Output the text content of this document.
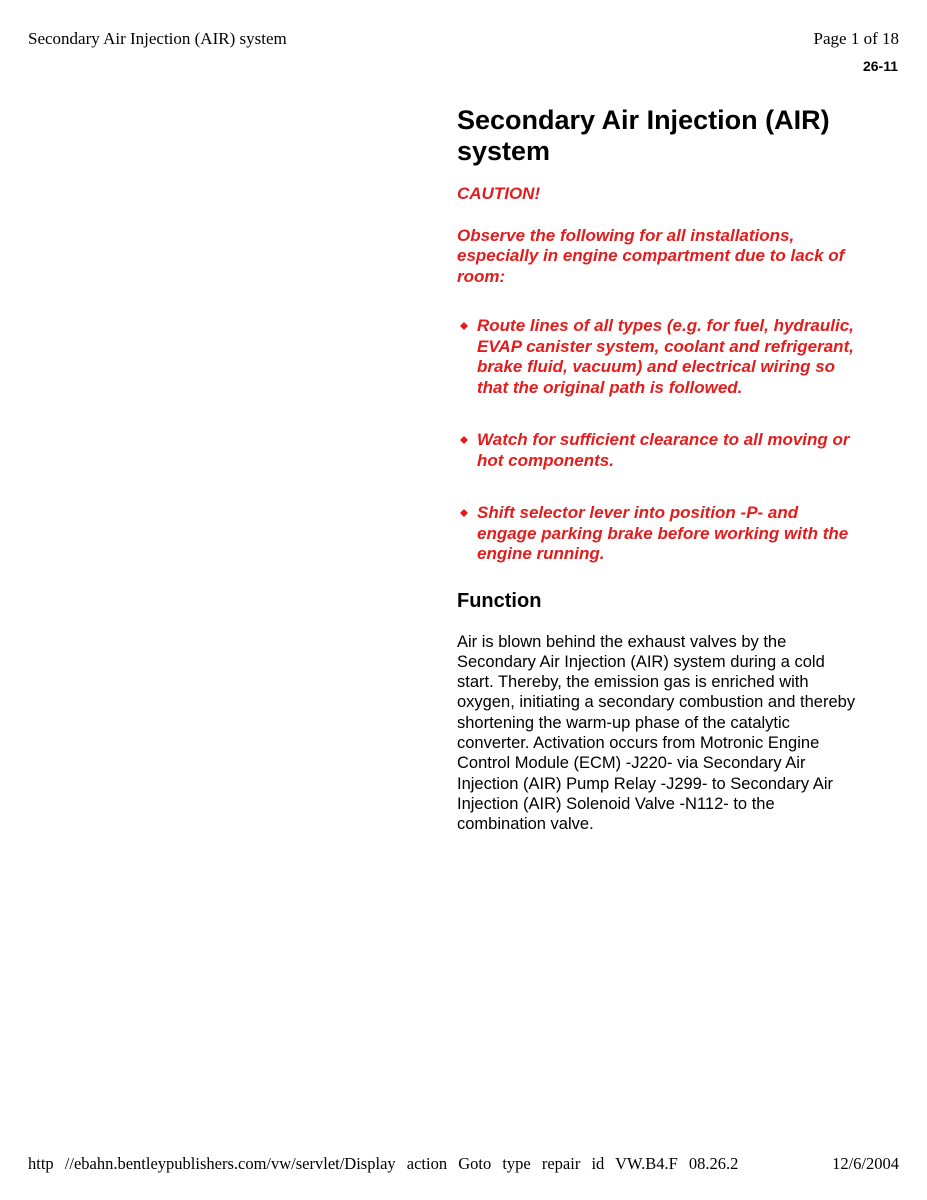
Secondary Air Injection (AIR) system	Page 1 of 18
26-11
Secondary Air Injection (AIR) system
CAUTION!
Observe the following for all installations, especially in engine compartment due to lack of room:
Route lines of all types (e.g. for fuel, hydraulic, EVAP canister system, coolant and refrigerant, brake fluid, vacuum) and electrical wiring so that the original path is followed.
Watch for sufficient clearance to all moving or hot components.
Shift selector lever into position -P- and engage parking brake before working with the engine running.
Function

Air is blown behind the exhaust valves by the Secondary Air Injection (AIR) system during a cold start. Thereby, the emission gas is enriched with oxygen, initiating a secondary combustion and thereby shortening the warm-up phase of the catalytic converter. Activation occurs from Motronic Engine Control Module (ECM) -J220- via Secondary Air Injection (AIR) Pump Relay -J299- to Secondary Air Injection (AIR) Solenoid Valve -N112- to the combination valve.

http //ebahn.bentleypublishers.com/vw/servlet/Display action Goto type repair id VW.B4.F 08.26.2	12/6/2004
